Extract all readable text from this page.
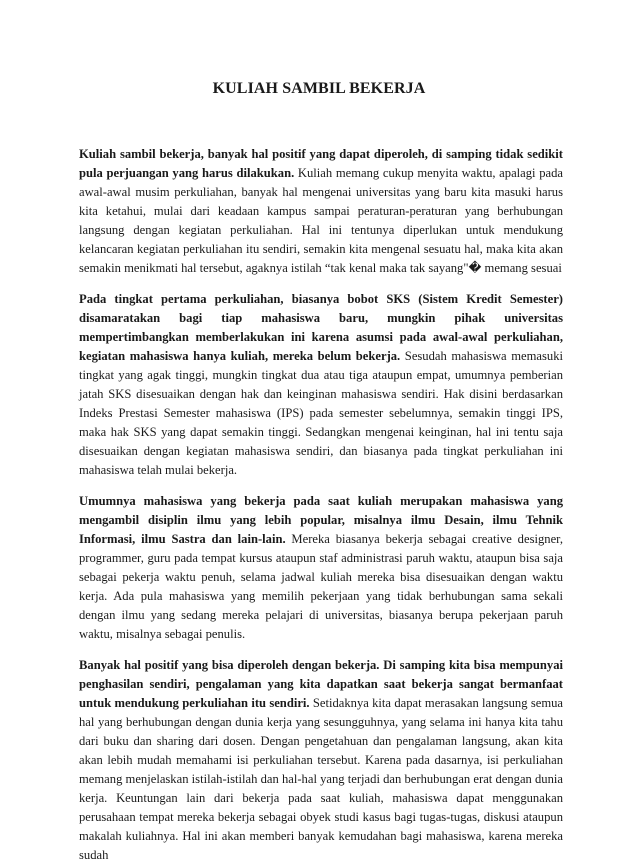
KULIAH SAMBIL BEKERJA

Kuliah sambil bekerja, banyak hal positif yang dapat diperoleh, di samping tidak sedikit pula perjuangan yang harus dilakukan. Kuliah memang cukup menyita waktu, apalagi pada awal-awal musim perkuliahan, banyak hal mengenai universitas yang baru kita masuki harus kita ketahui, mulai dari keadaan kampus sampai peraturan-peraturan yang berhubungan langsung dengan kegiatan perkuliahan. Hal ini tentunya diperlukan untuk mendukung kelancaran kegiatan perkuliahan itu sendiri, semakin kita mengenal sesuatu hal, maka kita akan semakin menikmati hal tersebut, agaknya istilah “tak kenal maka tak sayang"� memang sesuai

Pada tingkat pertama perkuliahan, biasanya bobot SKS (Sistem Kredit Semester) disamaratakan bagi tiap mahasiswa baru, mungkin pihak universitas mempertimbangkan memberlakukan ini karena asumsi pada awal-awal perkuliahan, kegiatan mahasiswa hanya kuliah, mereka belum bekerja. Sesudah mahasiswa memasuki tingkat yang agak tinggi, mungkin tingkat dua atau tiga ataupun empat, umumnya pemberian jatah SKS disesuaikan dengan hak dan keinginan mahasiswa sendiri. Hak disini berdasarkan Indeks Prestasi Semester mahasiswa (IPS) pada semester sebelumnya, semakin tinggi IPS, maka hak SKS yang dapat semakin tinggi. Sedangkan mengenai keinginan, hal ini tentu saja disesuaikan dengan kegiatan mahasiswa sendiri, dan biasanya pada tingkat perkuliahan ini mahasiswa telah mulai bekerja.

Umumnya mahasiswa yang bekerja pada saat kuliah merupakan mahasiswa yang mengambil disiplin ilmu yang lebih popular, misalnya ilmu Desain, ilmu Tehnik Informasi, ilmu Sastra dan lain-lain. Mereka biasanya bekerja sebagai creative designer, programmer, guru pada tempat kursus ataupun staf administrasi paruh waktu, ataupun bisa saja sebagai pekerja waktu penuh, selama jadwal kuliah mereka bisa disesuaikan dengan waktu kerja. Ada pula mahasiswa yang memilih pekerjaan yang tidak berhubungan sama sekali dengan ilmu yang sedang mereka pelajari di universitas, biasanya berupa pekerjaan paruh waktu, misalnya sebagai penulis.

Banyak hal positif yang bisa diperoleh dengan bekerja. Di samping kita bisa mempunyai penghasilan sendiri, pengalaman yang kita dapatkan saat bekerja sangat bermanfaat untuk mendukung perkuliahan itu sendiri. Setidaknya kita dapat merasakan langsung semua hal yang berhubungan dengan dunia kerja yang sesungguhnya, yang selama ini hanya kita tahu dari buku dan sharing dari dosen. Dengan pengetahuan dan pengalaman langsung, akan kita akan lebih mudah memahami isi perkuliahan tersebut. Karena pada dasarnya, isi perkuliahan memang menjelaskan istilah-istilah dan hal-hal yang terjadi dan berhubungan erat dengan dunia kerja. Keuntungan lain dari bekerja pada saat kuliah, mahasiswa dapat menggunakan perusahaan tempat mereka bekerja sebagai obyek studi kasus bagi tugas-tugas, diskusi ataupun makalah kuliahnya. Hal ini akan memberi banyak kemudahan bagi mahasiswa, karena mereka sudah
